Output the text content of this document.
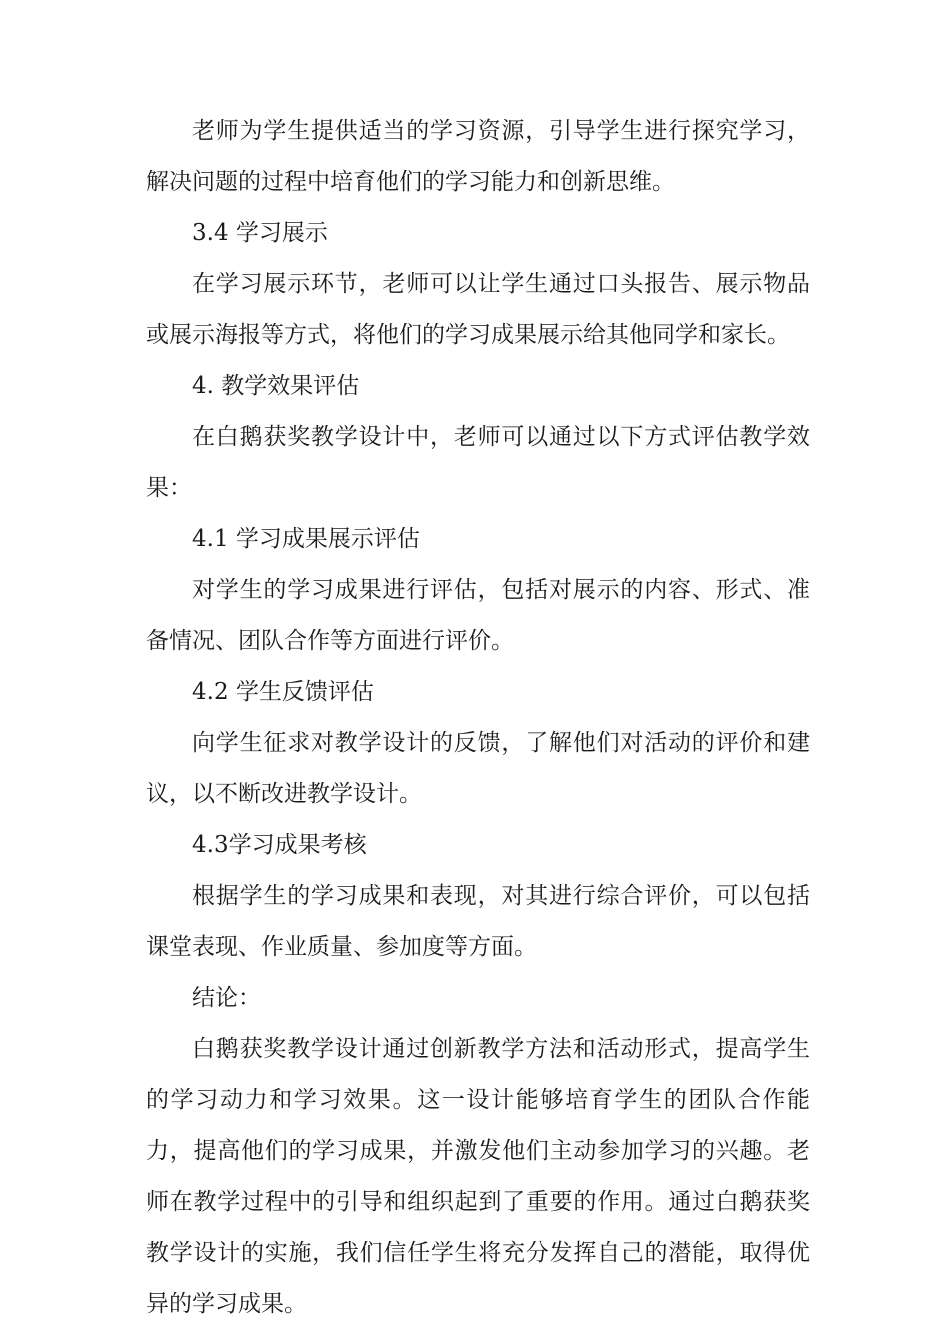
老师为学生提供适当的学习资源，引导学生进行探究学习，解决问题的过程中培育他们的学习能力和创新思维。

3.4 学习展示

在学习展示环节，老师可以让学生通过口头报告、展示物品或展示海报等方式，将他们的学习成果展示给其他同学和家长。

4. 教学效果评估

在白鹅获奖教学设计中，老师可以通过以下方式评估教学效果：

4.1 学习成果展示评估

对学生的学习成果进行评估，包括对展示的内容、形式、准备情况、团队合作等方面进行评价。

4.2 学生反馈评估

向学生征求对教学设计的反馈，了解他们对活动的评价和建议，以不断改进教学设计。

4.3学习成果考核

根据学生的学习成果和表现，对其进行综合评价，可以包括课堂表现、作业质量、参加度等方面。

结论：

白鹅获奖教学设计通过创新教学方法和活动形式，提高学生的学习动力和学习效果。这一设计能够培育学生的团队合作能力，提高他们的学习成果，并激发他们主动参加学习的兴趣。老师在教学过程中的引导和组织起到了重要的作用。通过白鹅获奖教学设计的实施，我们信任学生将充分发挥自己的潜能，取得优异的学习成果。
